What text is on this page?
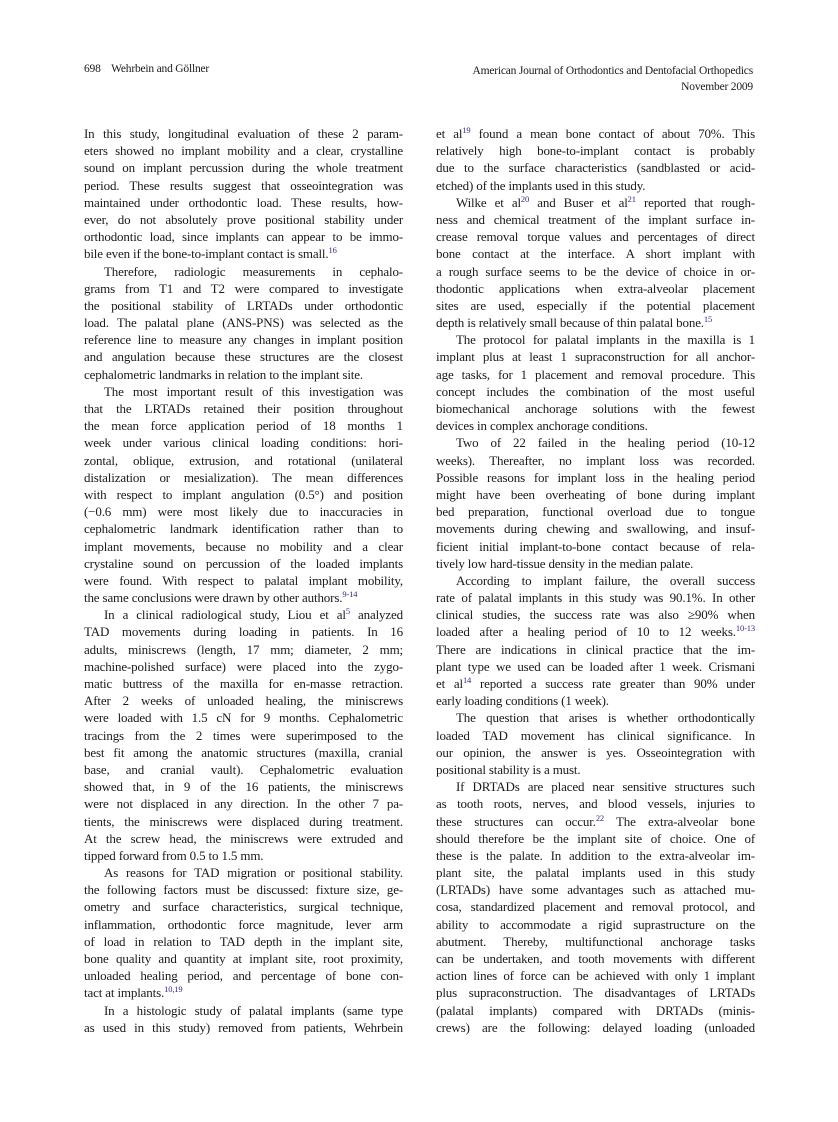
698 Wehrbein and Göllner	American Journal of Orthodontics and Dentofacial Orthopedics
November 2009
In this study, longitudinal evaluation of these 2 param-
eters showed no implant mobility and a clear, crystalline
sound on implant percussion during the whole treatment
period. These results suggest that osseointegration was
maintained under orthodontic load. These results, how-
ever, do not absolutely prove positional stability under
orthodontic load, since implants can appear to be immo-
bile even if the bone-to-implant contact is small.$^{16}$
Therefore, radiologic measurements in cephalo-
grams from T1 and T2 were compared to investigate
the positional stability of LRTADs under orthodontic
load. The palatal plane (ANS-PNS) was selected as the
reference line to measure any changes in implant position
and angulation because these structures are the closest
cephalometric landmarks in relation to the implant site.
The most important result of this investigation was
that the LRTADs retained their position throughout
the mean force application period of 18 months 1
week under various clinical loading conditions: hori-
zontal, oblique, extrusion, and rotational (unilateral
distalization or mesialization). The mean differences
with respect to implant angulation (0.5°) and position
(−0.6 mm) were most likely due to inaccuracies in
cephalometric landmark identification rather than to
implant movements, because no mobility and a clear
crystaline sound on percussion of the loaded implants
were found. With respect to palatal implant mobility,
the same conclusions were drawn by other authors.$^{9-14}$
In a clinical radiological study, Liou et $al^5$ analyzed
TAD movements during loading in patients. In 16
adults, miniscrews (length, 17 mm; diameter, 2 mm;
machine-polished surface) were placed into the zygo-
matic buttress of the maxilla for en-masse retraction.
After 2 weeks of unloaded healing, the miniscrews
were loaded with 1.5 cN for 9 months. Cephalometric
tracings from the 2 times were superimposed to the
best fit among the anatomic structures (maxilla, cranial
base, and cranial vault). Cephalometric evaluation
showed that, in 9 of the 16 patients, the miniscrews
were not displaced in any direction. In the other 7 pa-
tients, the miniscrews were displaced during treatment.
At the screw head, the miniscrews were extruded and
tipped forward from 0.5 to 1.5 mm.
As reasons for TAD migration or positional stability.
the following factors must be discussed: fixture size, ge-
ometry and surface characteristics, surgical technique,
inflammation, orthodontic force magnitude, lever arm
of load in relation to TAD depth in the implant site,
bone quality and quantity at implant site, root proximity,
unloaded healing period, and percentage of bone con-
tact at implants.$^{10,19}$
In a histologic study of palatal implants (same type
as used in this study) removed from patients, Wehrbein
et $al^{19}$ found a mean bone contact of about 70%. This
relatively high bone-to-implant contact is probably
due to the surface characteristics (sandblasted or acid-
etched) of the implants used in this study.
Wilke et $al^{20}$ and Buser et $al^{21}$ reported that rough-
ness and chemical treatment of the implant surface in-
crease removal torque values and percentages of direct
bone contact at the interface. A short implant with
a rough surface seems to be the device of choice in or-
thodontic applications when extra-alveolar placement
sites are used, especially if the potential placement
depth is relatively small because of thin palatal bone.$^{15}$
The protocol for palatal implants in the maxilla is 1
implant plus at least 1 supraconstruction for all anchor-
age tasks, for 1 placement and removal procedure. This
concept includes the combination of the most useful
biomechanical anchorage solutions with the fewest
devices in complex anchorage conditions.
Two of 22 failed in the healing period (10-12
weeks). Thereafter, no implant loss was recorded.
Possible reasons for implant loss in the healing period
might have been overheating of bone during implant
bed preparation, functional overload due to tongue
movements during chewing and swallowing, and insuf-
ficient initial implant-to-bone contact because of rela-
tively low hard-tissue density in the median palate.
According to implant failure, the overall success
rate of palatal implants in this study was 90.1%. In other
clinical studies, the success rate was also ≥90% when
loaded after a healing period of 10 to 12 weeks.$^{10-13}$
There are indications in clinical practice that the im-
plant type we used can be loaded after 1 week. Crismani
et $al^{14}$ reported a success rate greater than 90% under
early loading conditions (1 week).
The question that arises is whether orthodontically
loaded TAD movement has clinical significance. In
our opinion, the answer is yes. Osseointegration with
positional stability is a must.
If DRTADs are placed near sensitive structures such
as tooth roots, nerves, and blood vessels, injuries to
these structures can occur.$^{22}$ The extra-alveolar bone
should therefore be the implant site of choice. One of
these is the palate. In addition to the extra-alveolar im-
plant site, the palatal implants used in this study
(LRTADs) have some advantages such as attached mu-
cosa, standardized placement and removal protocol, and
ability to accommodate a rigid suprastructure on the
abutment. Thereby, multifunctional anchorage tasks
can be undertaken, and tooth movements with different
action lines of force can be achieved with only 1 implant
plus supraconstruction. The disadvantages of LRTADs
(palatal implants) compared with DRTADs (minis-
crews) are the following: delayed loading (unloaded
